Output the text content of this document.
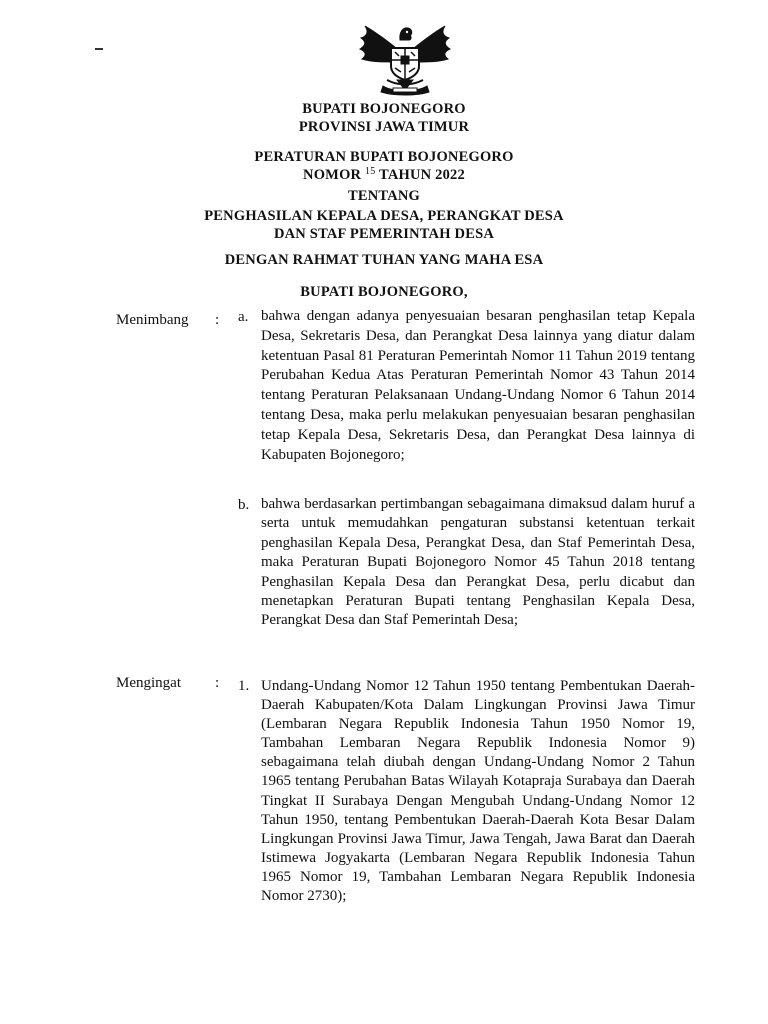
BUPATI BOJONEGORO
PROVINSI JAWA TIMUR
PERATURAN BUPATI BOJONEGORO
NOMOR $^{15}$ TAHUN 2022
TENTANG
PENGHASILAN KEPALA DESA, PERANGKAT DESA
DAN STAF PEMERINTAH DESA
DENGAN RAHMAT TUHAN YANG MAHA ESA
BUPATI BOJONEGORO,
Menimbang : a. bahwa dengan adanya penyesuaian besaran penghasilan tetap Kepala Desa, Sekretaris Desa, dan Perangkat Desa lainnya yang diatur dalam ketentuan Pasal 81 Peraturan Pemerintah Nomor 11 Tahun 2019 tentang Perubahan Kedua Atas Peraturan Pemerintah Nomor 43 Tahun 2014 tentang Peraturan Pelaksanaan Undang-Undang Nomor 6 Tahun 2014 tentang Desa, maka perlu melakukan penyesuaian besaran penghasilan tetap Kepala Desa, Sekretaris Desa, dan Perangkat Desa lainnya di Kabupaten Bojonegoro;
b. bahwa berdasarkan pertimbangan sebagaimana dimaksud dalam huruf a serta untuk memudahkan pengaturan substansi ketentuan terkait penghasilan Kepala Desa, Perangkat Desa, dan Staf Pemerintah Desa, maka Peraturan Bupati Bojonegoro Nomor 45 Tahun 2018 tentang Penghasilan Kepala Desa dan Perangkat Desa, perlu dicabut dan menetapkan Peraturan Bupati tentang Penghasilan Kepala Desa, Perangkat Desa dan Staf Pemerintah Desa;
Mengingat : 1. Undang-Undang Nomor 12 Tahun 1950 tentang Pembentukan Daerah-Daerah Kabupaten/Kota Dalam Lingkungan Provinsi Jawa Timur (Lembaran Negara Republik Indonesia Tahun 1950 Nomor 19, Tambahan Lembaran Negara Republik Indonesia Nomor 9) sebagaimana telah diubah dengan Undang-Undang Nomor 2 Tahun 1965 tentang Perubahan Batas Wilayah Kotapraja Surabaya dan Daerah Tingkat II Surabaya Dengan Mengubah Undang-Undang Nomor 12 Tahun 1950, tentang Pembentukan Daerah-Daerah Kota Besar Dalam Lingkungan Provinsi Jawa Timur, Jawa Tengah, Jawa Barat dan Daerah Istimewa Jogyakarta (Lembaran Negara Republik Indonesia Tahun 1965 Nomor 19, Tambahan Lembaran Negara Republik Indonesia Nomor 2730);
